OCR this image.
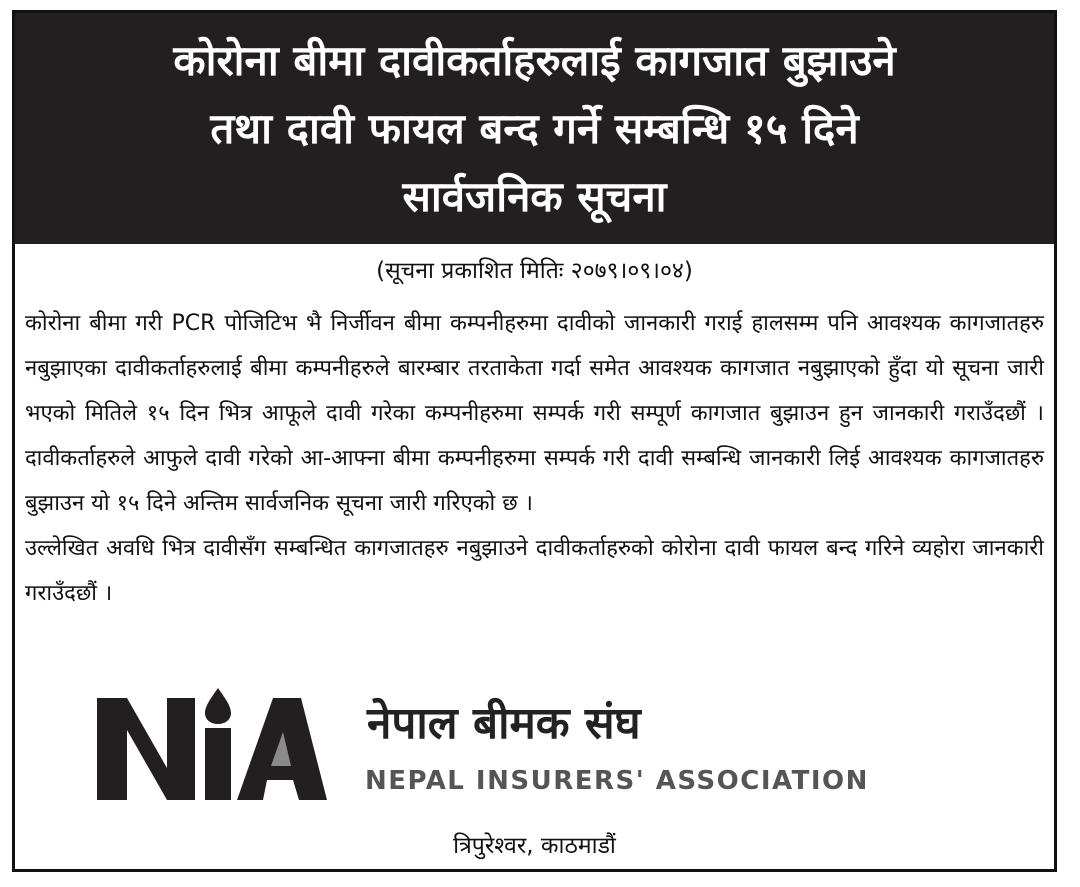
कोरोना बीमा दावीकर्ताहरुलाई कागजात बुझाउने
तथा दावी फायल बन्द गर्ने सम्बन्धि १५ दिने
सार्वजनिक सूचना
(सूचना प्रकाशित मितिः २०७९।०९।०४)

कोरोना बीमा गरी PCR पोजिटिभ भै निर्जीवन बीमा कम्पनीहरुमा दावीको जानकारी गराई हालसम्म पनि आवश्यक कागजातहरु नबुझाएका दावीकर्ताहरुलाई बीमा कम्पनीहरुले बारम्बार तरताकेता गर्दा समेत आवश्यक कागजात नबुझाएको हुँदा यो सूचना जारी भएको मितिले १५ दिन भित्र आफूले दावी गरेका कम्पनीहरुमा सम्पर्क गरी सम्पूर्ण कागजात बुझाउन हुन जानकारी गराउँदछौं । दावीकर्ताहरुले आफुले दावी गरेको आ-आफ्ना बीमा कम्पनीहरुमा सम्पर्क गरी दावी सम्बन्धि जानकारी लिई आवश्यक कागजातहरु बुझाउन यो १५ दिने अन्तिम सार्वजनिक सूचना जारी गरिएको छ ।

उल्लेखित अवधि भित्र दावीसँग सम्बन्धित कागजातहरु नबुझाउने दावीकर्ताहरुको कोरोना दावी फायल बन्द गरिने व्यहोरा जानकारी गराउँदछौं ।

नेपाल बीमक संघ
NEPAL INSURERS' ASSOCIATION
त्रिपुरेश्वर, काठमाडौं
